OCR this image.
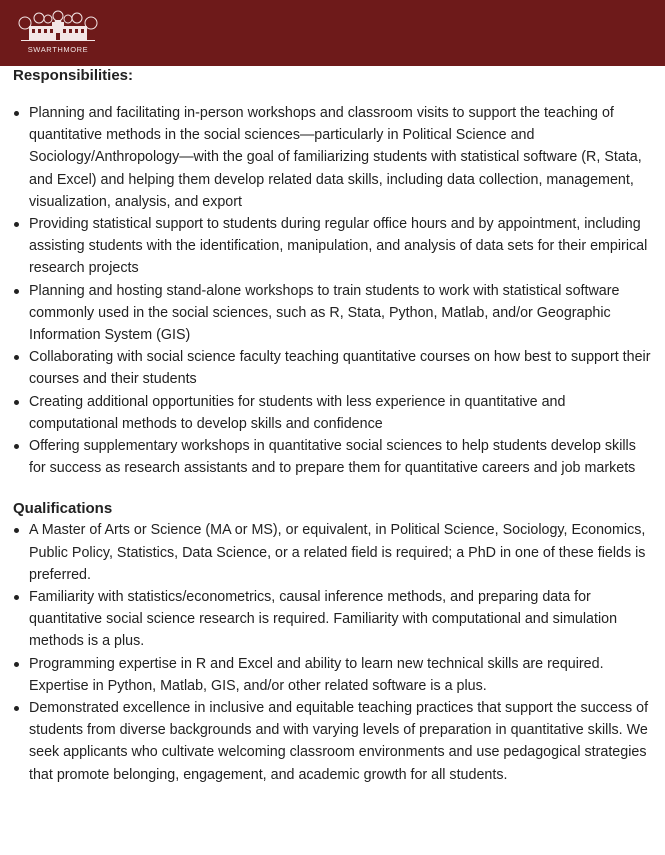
SWARTHMORE
Responsibilities:
Planning and facilitating in-person workshops and classroom visits to support the teaching of quantitative methods in the social sciences—particularly in Political Science and Sociology/Anthropology—with the goal of familiarizing students with statistical software (R, Stata, and Excel) and helping them develop related data skills, including data collection, management, visualization, analysis, and export
Providing statistical support to students during regular office hours and by appointment, including assisting students with the identification, manipulation, and analysis of data sets for their empirical research projects
Planning and hosting stand-alone workshops to train students to work with statistical software commonly used in the social sciences, such as R, Stata, Python, Matlab, and/or Geographic Information System (GIS)
Collaborating with social science faculty teaching quantitative courses on how best to support their courses and their students
Creating additional opportunities for students with less experience in quantitative and computational methods to develop skills and confidence
Offering supplementary workshops in quantitative social sciences to help students develop skills for success as research assistants and to prepare them for quantitative careers and job markets
Qualifications
A Master of Arts or Science (MA or MS), or equivalent, in Political Science, Sociology, Economics, Public Policy, Statistics, Data Science, or a related field is required; a PhD in one of these fields is preferred.
Familiarity with statistics/econometrics, causal inference methods, and preparing data for quantitative social science research is required. Familiarity with computational and simulation methods is a plus.
Programming expertise in R and Excel and ability to learn new technical skills are required. Expertise in Python, Matlab, GIS, and/or other related software is a plus.
Demonstrated excellence in inclusive and equitable teaching practices that support the success of students from diverse backgrounds and with varying levels of preparation in quantitative skills. We seek applicants who cultivate welcoming classroom environments and use pedagogical strategies that promote belonging, engagement, and academic growth for all students.
